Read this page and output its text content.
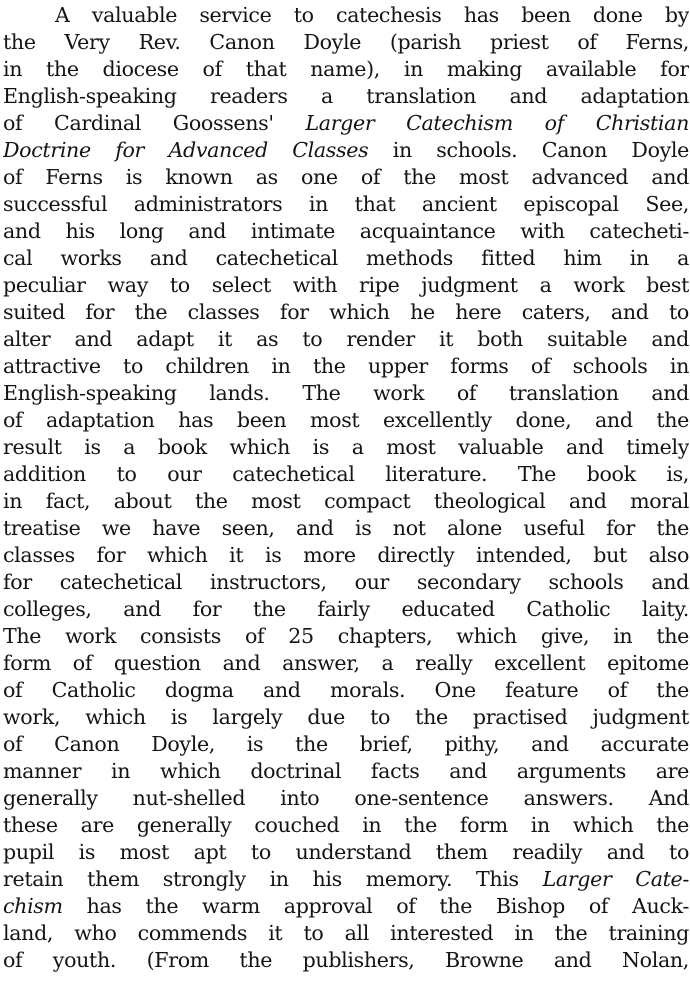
A valuable service to catechesis has been done by
the Very Rev. Canon Doyle (parish priest of Ferns,
in the diocese of that name), in making available for
English-speaking readers a translation and adaptation
of Cardinal Goossens' Larger Catechism of Christian
Doctrine for Advanced Classes in schools. Canon Doyle
of Ferns is known as one of the most advanced and
successful administrators in that ancient episcopal See,
and his long and intimate acquaintance with catecheti-
cal works and catechetical methods fitted him in a
peculiar way to select with ripe judgment a work best
suited for the classes for which he here caters, and to
alter and adapt it as to render it both suitable and
attractive to children in the upper forms of schools in
English-speaking lands. The work of translation and
of adaptation has been most excellently done, and the
result is a book which is a most valuable and timely
addition to our catechetical literature. The book is,
in fact, about the most compact theological and moral
treatise we have seen, and is not alone useful for the
classes for which it is more directly intended, but also
for catechetical instructors, our secondary schools and
colleges, and for the fairly educated Catholic laity.
The work consists of 25 chapters, which give, in the
form of question and answer, a really excellent epitome
of Catholic dogma and morals. One feature of the
work, which is largely due to the practised judgment
of Canon Doyle, is the brief, pithy, and accurate
manner in which doctrinal facts and arguments are
generally nut-shelled into one-sentence answers. And
these are generally couched in the form in which the
pupil is most apt to understand them readily and to
retain them strongly in his memory. This Larger Cate-
chism has the warm approval of the Bishop of Auck-
land, who commends it to all interested in the training
of youth. (From the publishers, Browne and Nolan,
